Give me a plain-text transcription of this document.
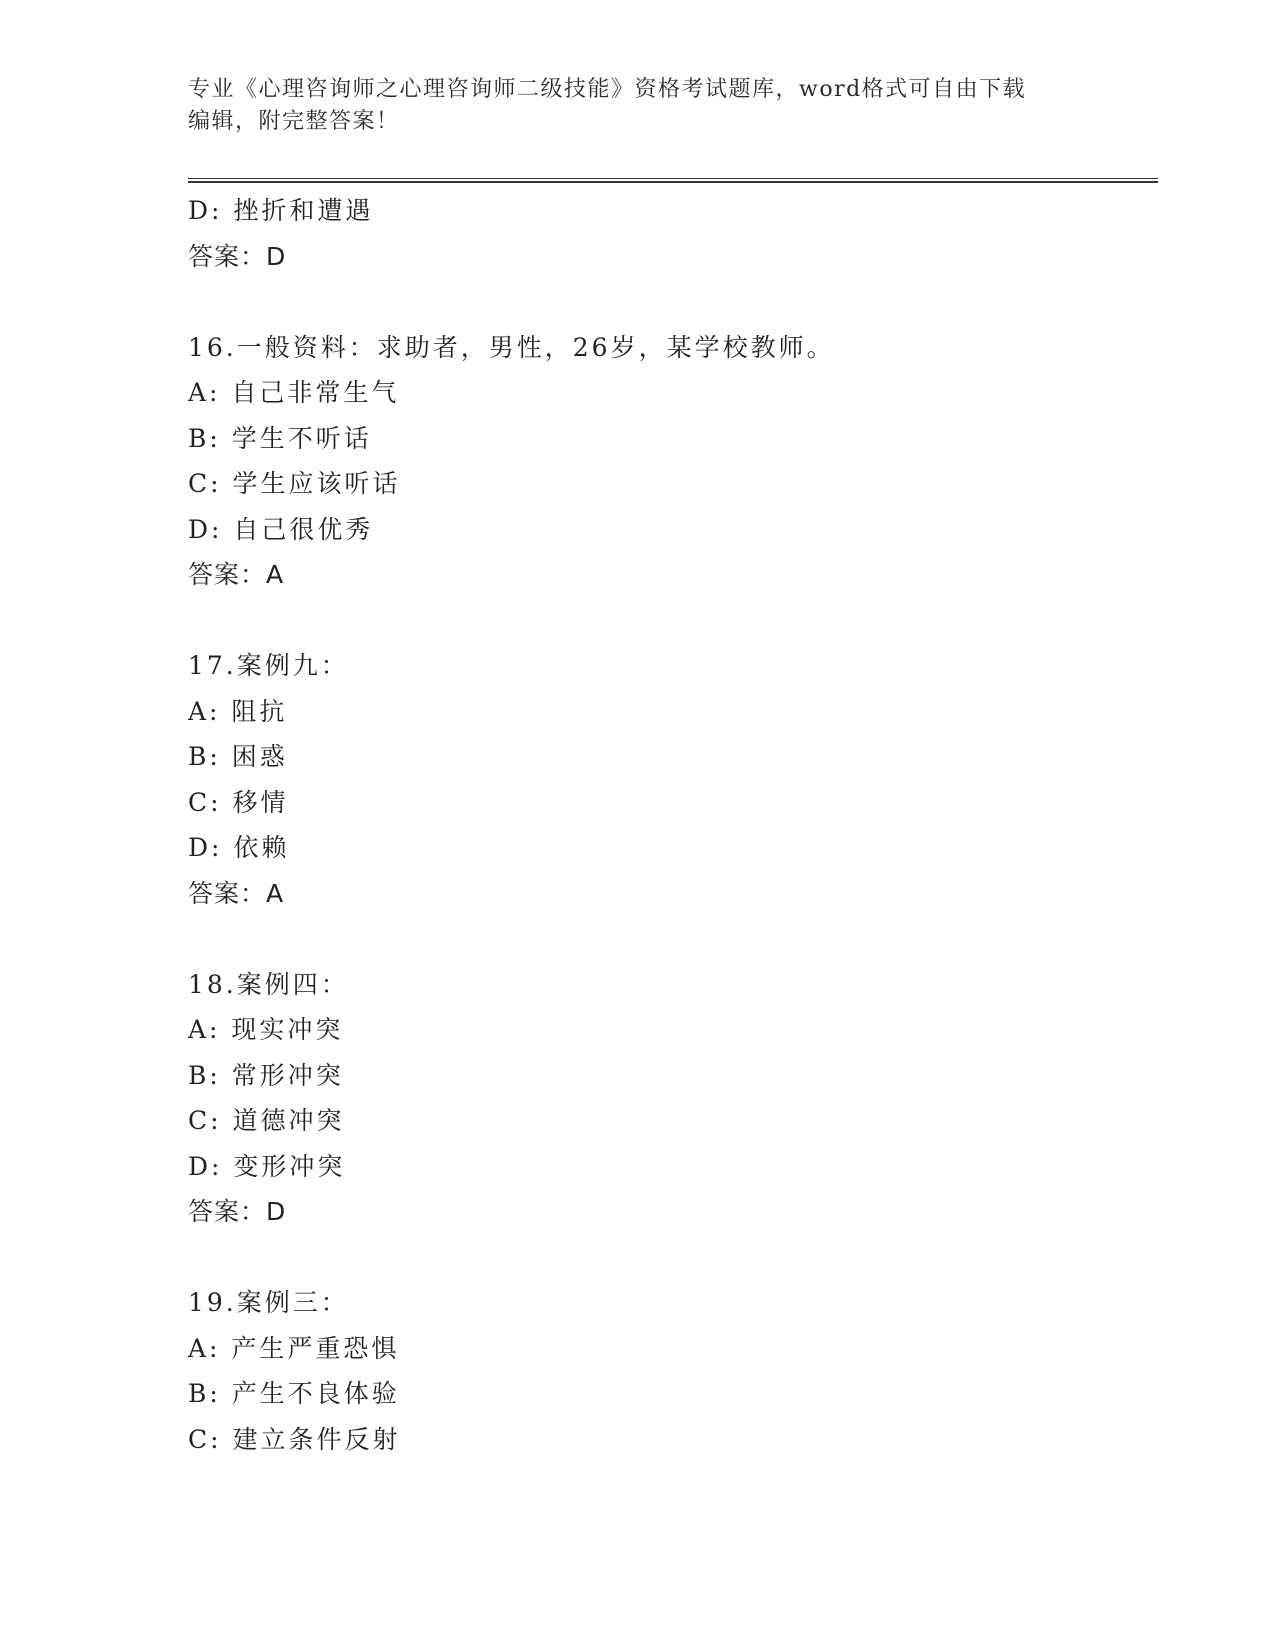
专业《心理咨询师之心理咨询师二级技能》资格考试题库，word格式可自由下载
编辑，附完整答案！
D: 挫折和遭遇
答案：D
16.一般资料：求助者，男性，26岁，某学校教师。
A: 自己非常生气
B: 学生不听话
C: 学生应该听话
D: 自己很优秀
答案：A
17.案例九：
A: 阻抗
B: 困惑
C: 移情
D: 依赖
答案：A
18.案例四：
A: 现实冲突
B: 常形冲突
C: 道德冲突
D: 变形冲突
答案：D
19.案例三：
A: 产生严重恐惧
B: 产生不良体验
C: 建立条件反射
